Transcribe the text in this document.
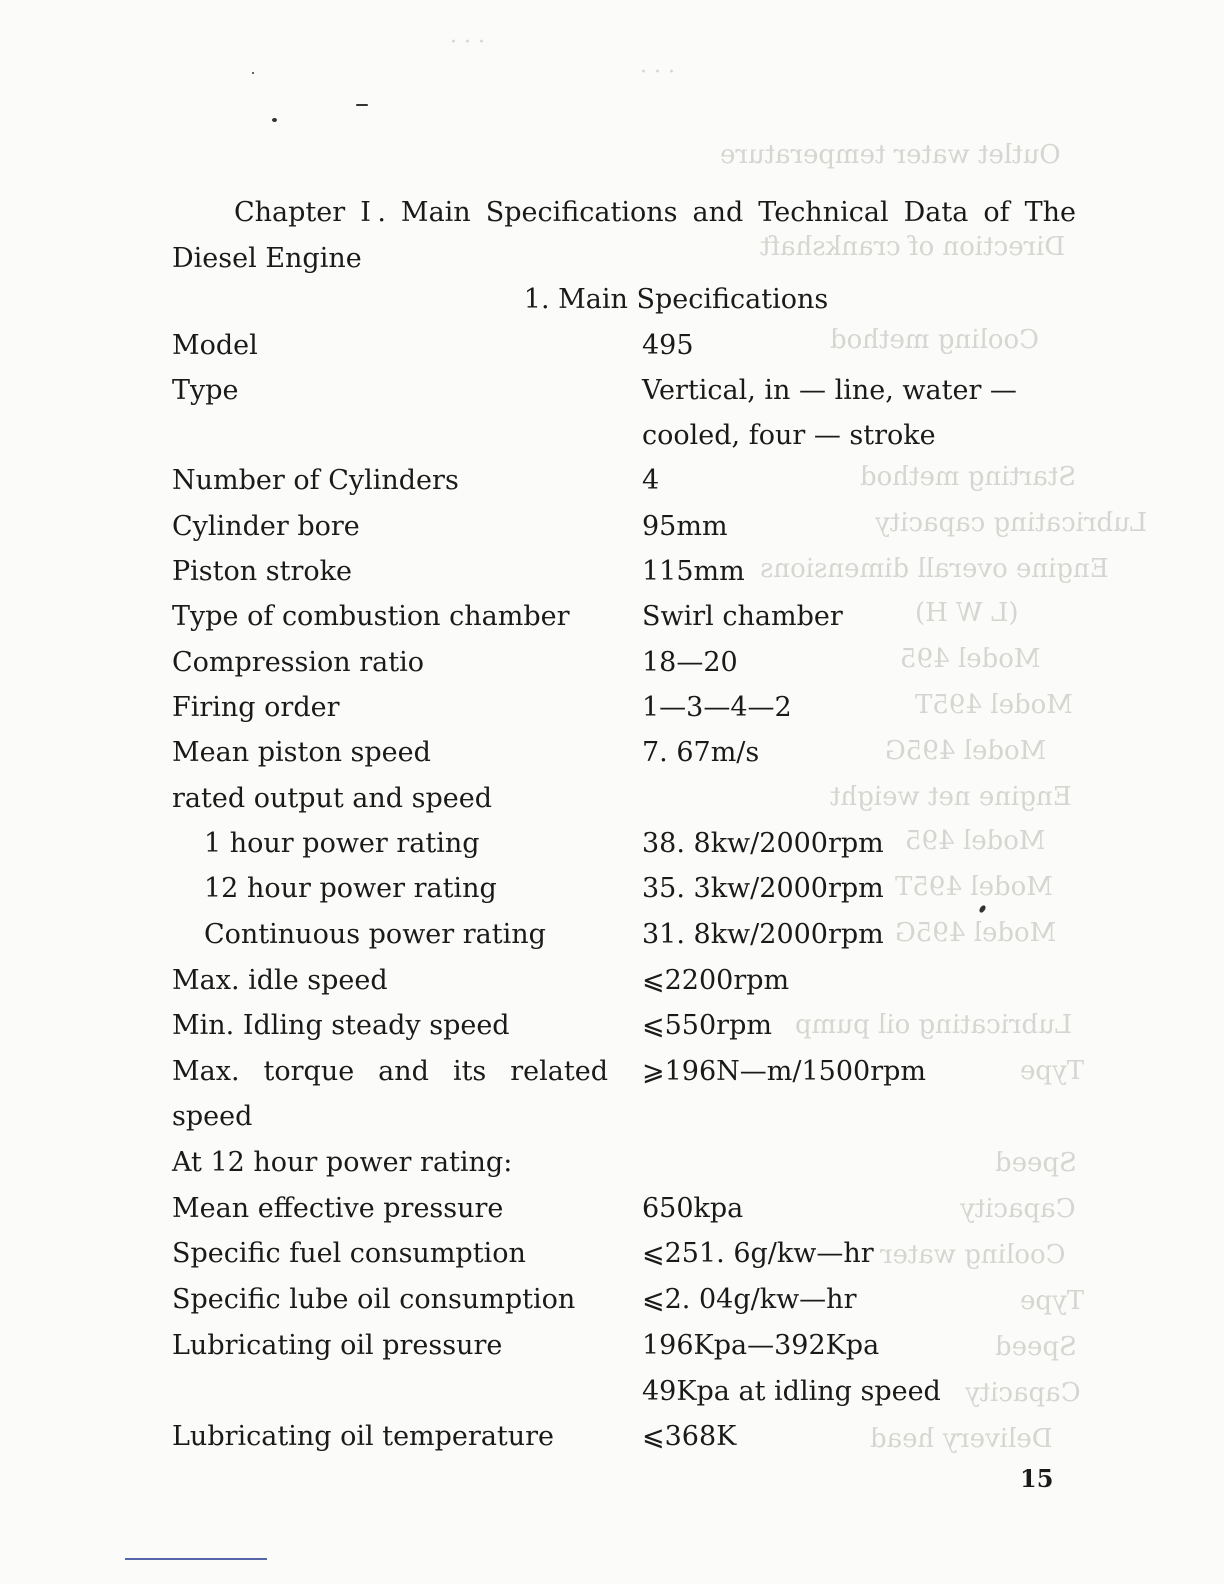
Outlet water temperature
Direction of crankshaft
Cooling method
Starting method
Lubricating capacity
Engine overall dimensions
(L W H)
Model 495
Model 495T
Model 495G
Engine net weight
Model 495
Model 495T
Model 495G
Lubricating oil pump
Type
Speed
Capacity
Cooling water
Type
Speed
Capacity
Delivery head
· · ·
· · ·
Chapter Ⅰ. Main Specifications and Technical Data of The Diesel Engine
1. Main Specifications
Model	495
Type	Vertical, in — line, water —
cooled, four — stroke
Number of Cylinders	4
Cylinder bore	95mm
Piston stroke	115mm
Type of combustion chamber	Swirl chamber
Compression ratio	18—20
Firing order	1—3—4—2
Mean piston speed	7. 67m/s
rated output and speed
1 hour power rating	38. 8kw/2000rpm
12 hour power rating	35. 3kw/2000rpm
Continuous power rating	31. 8kw/2000rpm
Max. idle speed	⩽2200rpm
Min. Idling steady speed	⩽550rpm
Max. torque and its related ⩾196N—m/1500rpm
speed
At 12 hour power rating:
Mean effective pressure	650kpa
Specific fuel consumption	⩽251. 6g/kw—hr
Specific lube oil consumption ⩽2. 04g/kw—hr
Lubricating oil pressure	196Kpa—392Kpa
49Kpa at idling speed
Lubricating oil temperature	⩽368K
15
